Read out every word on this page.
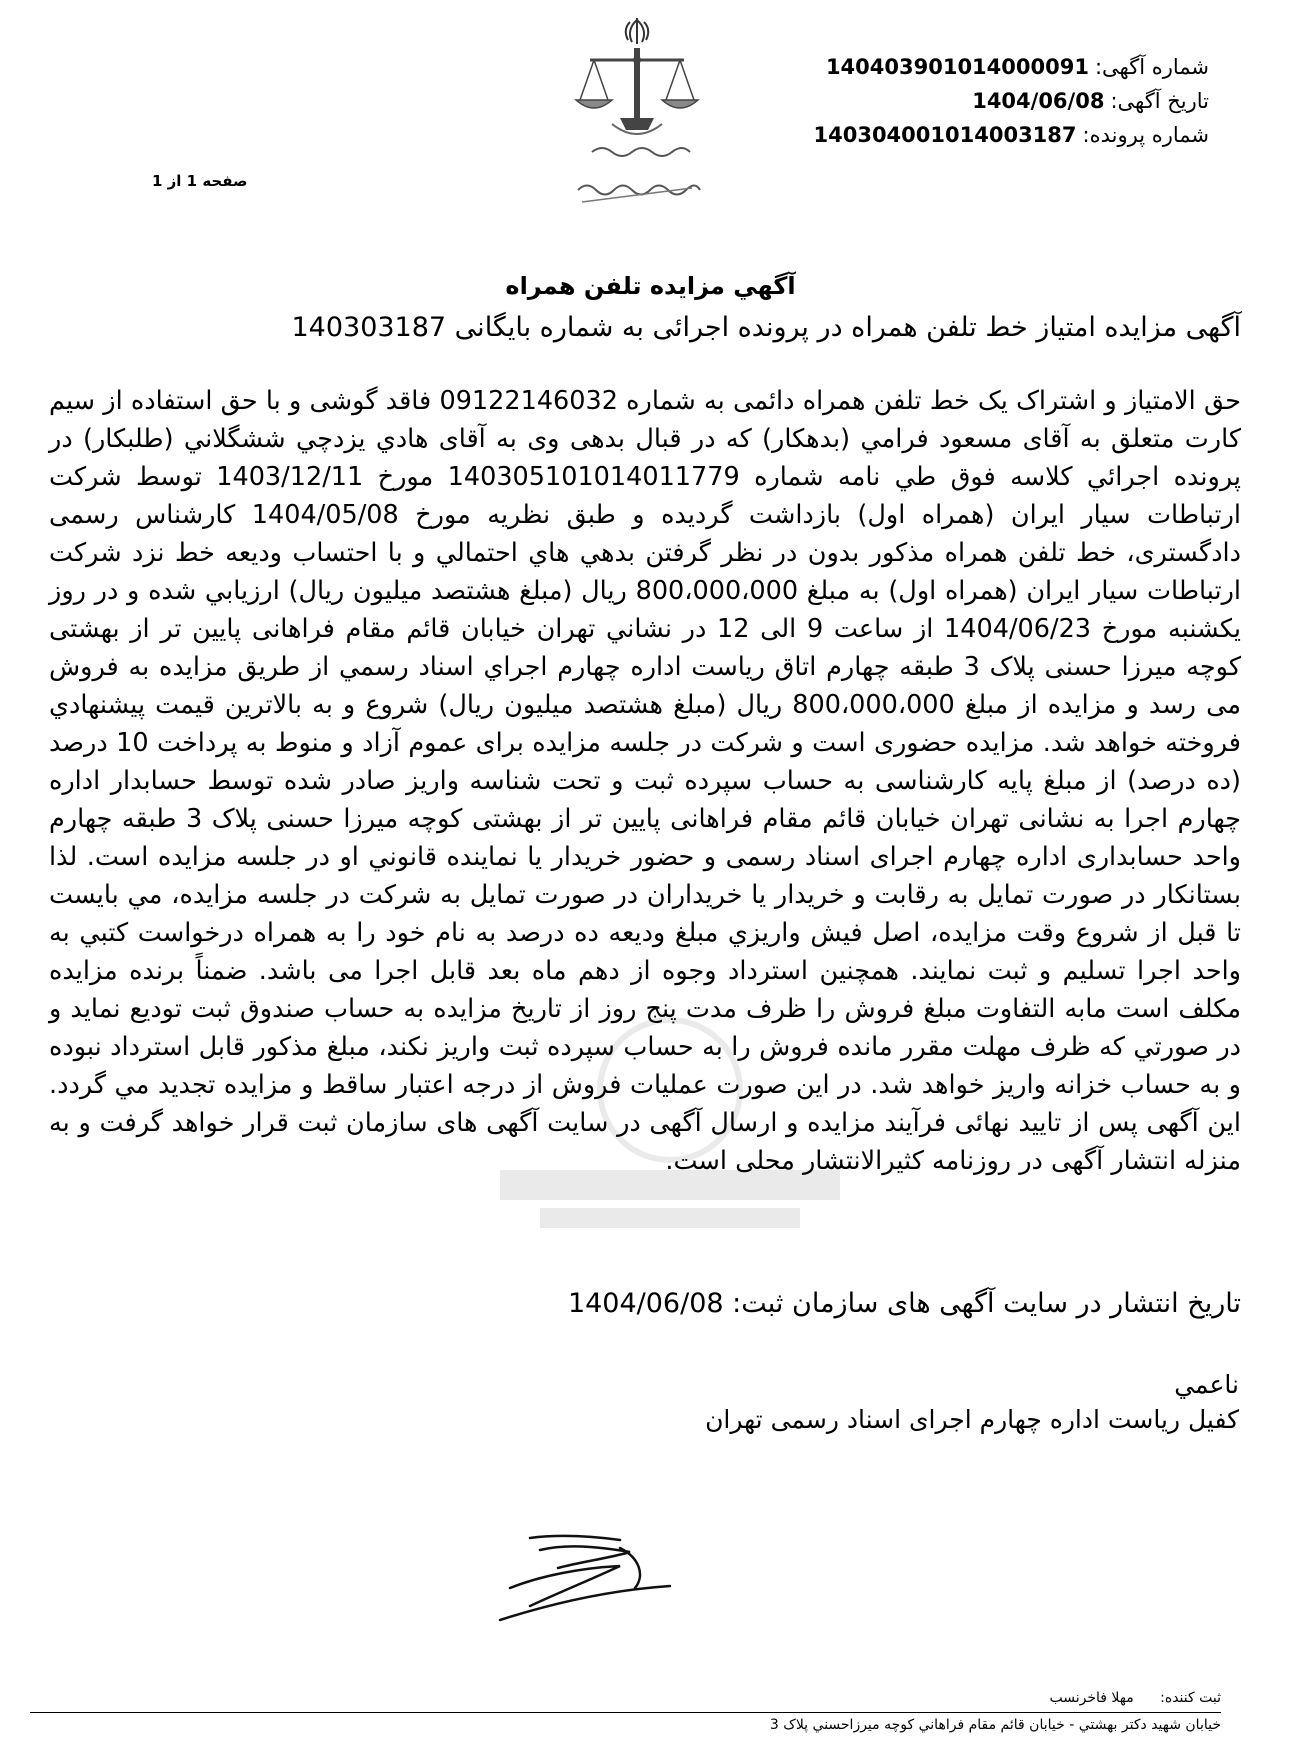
شماره آگهی:140403901014000091
تاریخ آگهی:1404/06/08
شماره پرونده:140304001014003187
صفحه 1 از 1
آگهي مزايده تلفن همراه
آگهی مزایده امتیاز خط تلفن همراه در پرونده اجرائی به شماره بایگانی 140303187
حق الامتياز و اشتراک یک خط تلفن همراه دائمی به شماره 09122146032 فاقد گوشی و با حق استفاده از سیم کارت متعلق به آقای مسعود فرامي (بدهكار) که در قبال بدهی وی به آقای هادي يزدچي ششگلاني (طلبكار) در پرونده اجرائي كلاسه فوق طي نامه شماره 140305101014011779 مورخ 1403/12/11 توسط شرکت ارتباطات سیار ایران (همراه اول) بازداشت گردیده و طبق نظریه مورخ 1404/05/08 کارشناس رسمی دادگستری، خط تلفن همراه مذکور بدون در نظر گرفتن بدهي هاي احتمالي و با احتساب ودیعه خط نزد شرکت ارتباطات سیار ایران (همراه اول) به مبلغ 800،000،000 ريال (مبلغ هشتصد ميليون ريال) ارزيابي شده و در روز يکشنبه مورخ 1404/06/23 از ساعت 9 الی 12 در نشاني تهران خيابان قائم مقام فراهانی پایین تر از بهشتی کوچه میرزا حسنی پلاک 3 طبقه چهارم اتاق ریاست اداره چهارم اجراي اسناد رسمي از طريق مزايده به فروش مى رسد و مزايده از مبلغ 800،000،000 ريال (مبلغ هشتصد ميليون ريال) شروع و به بالاترين قيمت پيشنهادي فروخته خواهد شد. مزايده حضوری است و شرکت در جلسه مزايده برای عموم آزاد و منوط به پرداخت 10 درصد (ده درصد) از مبلغ پایه کارشناسی به حساب سپرده ثبت و تحت شناسه واریز صادر شده توسط حسابدار اداره چهارم اجرا به نشانی تهران خيابان قائم مقام فراهانی پایین تر از بهشتی کوچه میرزا حسنی پلاک 3 طبقه چهارم واحد حسابداری اداره چهارم اجرای اسناد رسمی و حضور خريدار يا نماينده قانوني او در جلسه مزايده است. لذا بستانکار در صورت تمايل به رقابت و خريدار يا خريداران در صورت تمایل به شرکت در جلسه مزایده، مي بايست تا قبل از شروع وقت مزايده، اصل فيش واريزي مبلغ وديعه ده درصد به نام خود را به همراه درخواست کتبي به واحد اجرا تسليم و ثبت نمايند. همچنین استرداد وجوه از دهم ماه بعد قابل اجرا می باشد. ضمناً برنده مزايده مکلف است مابه التفاوت مبلغ فروش را ظرف مدت پنج روز از تاريخ مزايده به حساب صندوق ثبت توديع نمايد و در صورتي كه ظرف مهلت مقرر مانده فروش را به حساب سپرده ثبت واریز نکند، مبلغ مذكور قابل استرداد نبوده و به حساب خزانه واریز خواهد شد. در اين صورت عمليات فروش از درجه اعتبار ساقط و مزايده تجديد مي گردد. این آگهی پس از تایید نهائی فرآیند مزایده و ارسال آگهی در سایت آگهی های سازمان ثبت قرار خواهد گرفت و به منزله انتشار آگهی در روزنامه کثیرالانتشار محلی است.
تاریخ انتشار در سایت آگهی های سازمان ثبت: 1404/06/08
ناعمي
کفیل ریاست اداره چهارم اجرای اسناد رسمی تهران
ثبت کننده: مهلا فاخرنسب
خيابان شهيد دكتر بهشتي - خيابان قائم مقام فراهاني كوچه ميرزاحسني پلاک 3
